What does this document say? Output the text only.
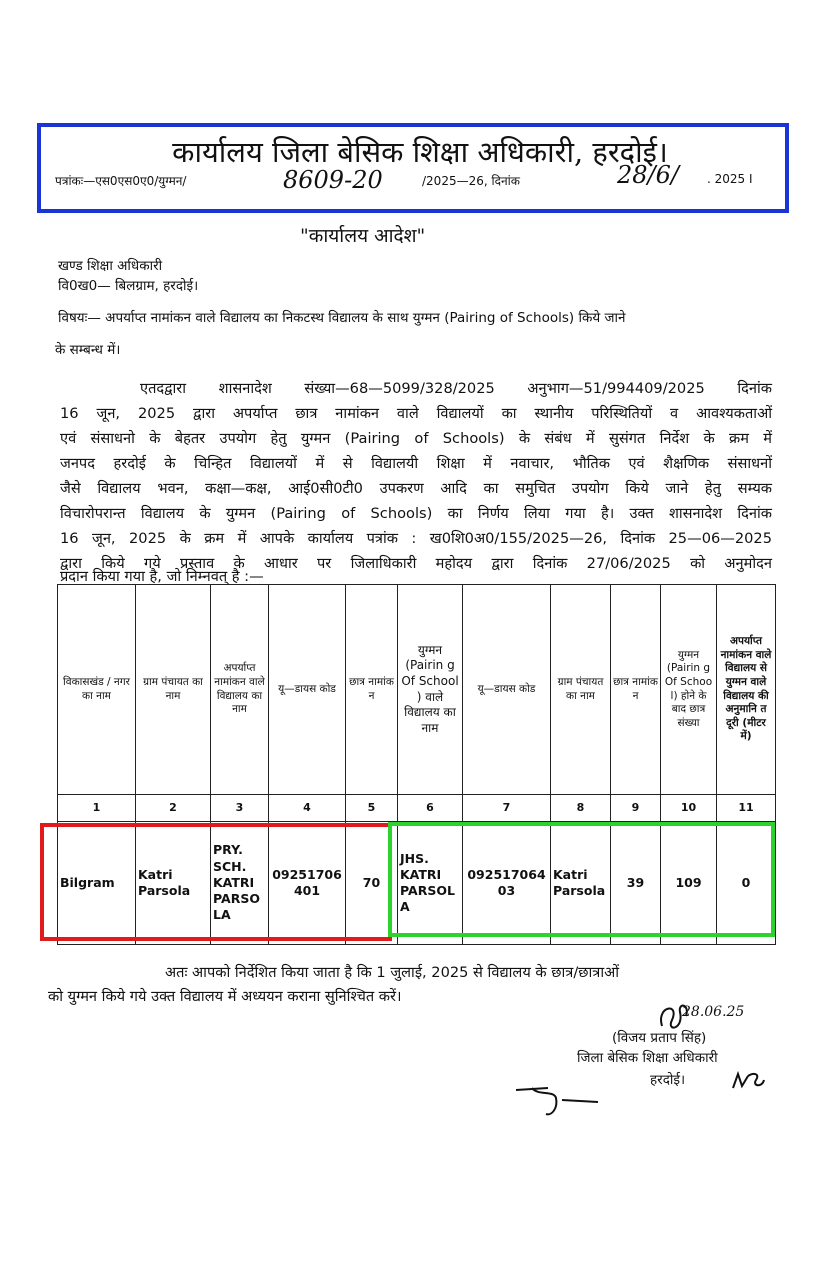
कार्यालय जिला बेसिक शिक्षा अधिकारी, हरदोई।
पत्रांकः—एस0एस0ए0/युग्मन/	8609-20	/2025—26, दिनांक	28/6/ . 2025 I
"कार्यालय आदेश"
खण्ड शिक्षा अधिकारी
वि0ख0— बिलग्राम, हरदोई।
विषयः— अपर्याप्त नामांकन वाले विद्यालय का निकटस्थ विद्यालय के साथ युग्मन (Pairing of Schools) किये जाने
के सम्बन्ध में।
एतदद्वारा शासनादेश संख्या—68—5099/328/2025 अनुभाग—51/994409/2025 दिनांक
16 जून, 2025 द्वारा अपर्याप्त छात्र नामांकन वाले विद्यालयों का स्थानीय परिस्थितियों व आवश्यकताओं
एवं संसाधनो के बेहतर उपयोग हेतु युग्मन (Pairing of Schools) के संबंध में सुसंगत निर्देश के क्रम में
जनपद हरदोई के चिन्हित विद्यालयों में से विद्यालयी शिक्षा में नवाचार, भौतिक एवं शैक्षणिक संसाधनों
जैसे विद्यालय भवन, कक्षा—कक्ष, आई0सी0टी0 उपकरण आदि का समुचित उपयोग किये जाने हेतु सम्यक
विचारोपरान्त विद्यालय के युग्मन (Pairing of Schools) का निर्णय लिया गया है। उक्त शासनादेश दिनांक
16 जून, 2025 के क्रम में आपके कार्यालय पत्रांक : ख0शि0अ0/155/2025—26, दिनांक 25—06—2025
द्वारा किये गये प्रस्ताव के आधार पर जिलाधिकारी महोदय द्वारा दिनांक 27/06/2025 को अनुमोदन
प्रदान किया गया है, जो निम्नवत् है :—
विकासखंड / नगर का नाम	ग्राम पंचायत का नाम	अपर्याप्त नामांकन वाले विद्यालय का नाम	यू—डायस कोड	छात्र नामांक न	युग्मन (Pairin g Of School ) वाले विद्यालय का नाम	यू—डायस कोड	ग्राम पंचायत का नाम	छात्र नामांक न	युग्मन (Pairin g Of Schoo l) होने के बाद छात्र संख्या	अपर्याप्त नामांकन वाले विद्यालय से युग्मन वाले विद्यालय की अनुमानि त दूरी (मीटर में)
1	2	3	4	5	6	7	8	9	10	11
Bilgram	Katri Parsola	PRY. SCH. KATRI PARSO LA	09251706 401	70	JHS. KATRI PARSOL A	092517064 03	Katri Parsola	39	109	0
अतः आपको निर्देशित किया जाता है कि 1 जुलाई, 2025 से विद्यालय के छात्र/छात्राओं
को युग्मन किये गये उक्त विद्यालय में अध्ययन कराना सुनिश्चित करें।
28.06.25
(विजय प्रताप सिंह)
जिला बेसिक शिक्षा अधिकारी
हरदोई।
